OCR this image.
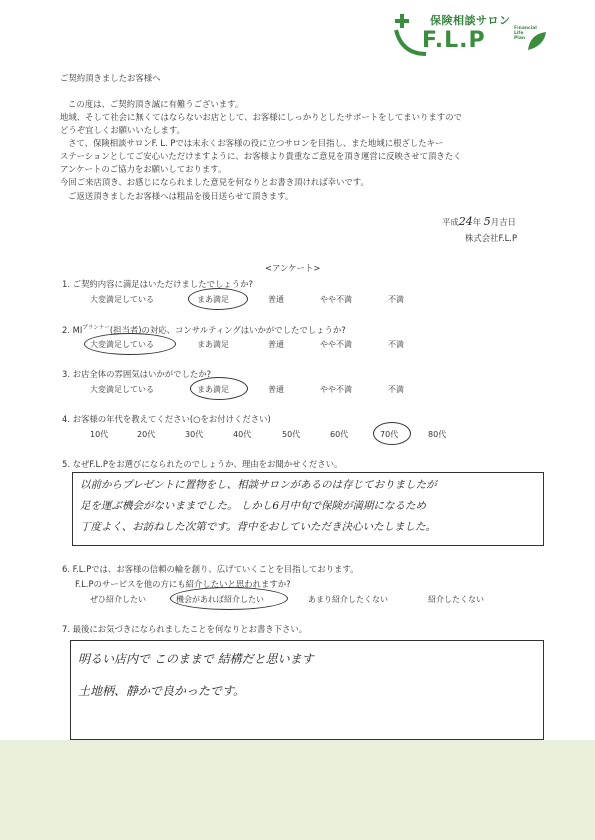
保険相談サロン
F.L.P	Financial
Life
Plan
ご契約頂きましたお客様へ
この度は、ご契約頂き誠に有難うございます。
地域、そして社会に無くてはならないお店として、お客様にしっかりとしたサポートをしてまいりますので
どうぞ宜しくお願いいたします。
さて、保険相談サロンF. L. Pでは末永くお客様の役に立つサロンを目指し、また地域に根ざしたキー
ステーションとしてご安心いただけますように、お客様より貴重なご意見を頂き運営に反映させて頂きたく
アンケートのご協力をお願いしております。
今回ご来店頂き、お感じになられました意見を何なりとお書き頂ければ幸いです。
ご返送頂きましたお客様へは粗品を後日送らせて頂きます。
平成24年 5月吉日
株式会社F.L.P
<アンケート>
1. ご契約内容に満足はいただけましたでしょうか?
大変満足している	まあ満足	普通	やや不満	不満
2. $MI^{プランナー}$(担当者)の対応、コンサルティングはいかがでしたでしょうか?
大変満足している	まあ満足	普通	やや不満	不満
3. お店全体の雰囲気はいかがでしたか?
大変満足している	まあ満足	普通	やや不満	不満
4. お客様の年代を教えてください(○をお付けください)
10代	20代	30代	40代	50代	60代	70代	80代
5. なぜF.L.Pをお選びになられたのでしょうか、理由をお聞かせください。
以前からプレゼントに置物をし、相談サロンがあるのは存じておりましたが
足を運ぶ機会がないままでした。 しかし6月中旬で保険が満期になるため
丁度よく、お訪ねした次第です。背中をおしていただき決心いたしました。
6. F.L.Pでは、お客様の信頼の輪を創り、広げていくことを目指しております。
F.L.Pのサービスを他の方にも紹介したいと思われますか?
ぜひ紹介したい	機会があれば紹介したい	あまり紹介したくない	紹介したくない
7. 最後にお気づきになられましたことを何なりとお書き下さい。
明るい店内で このままで 結構だと思います
土地柄、静かで良かったです。
